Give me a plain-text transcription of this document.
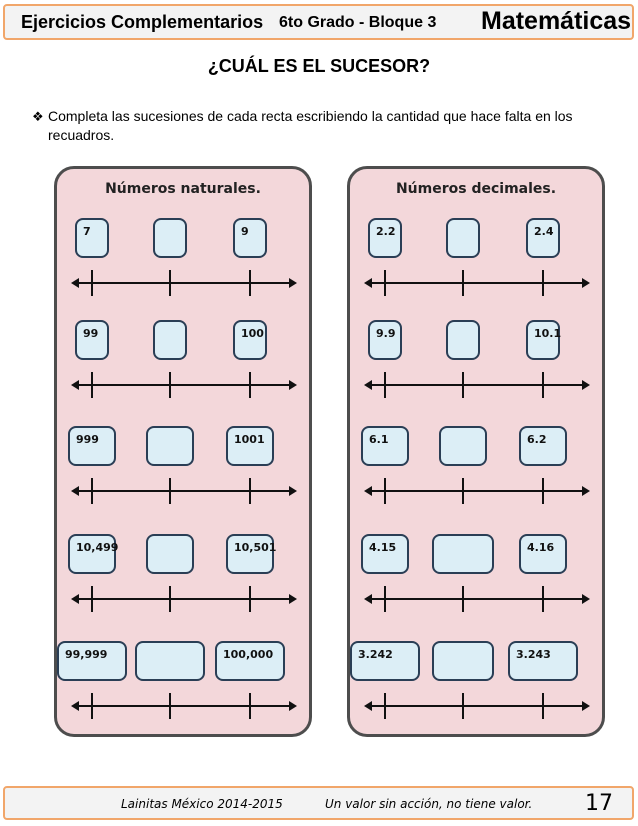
Ejercicios Complementarios 6to Grado - Bloque 3 Matemáticas
¿CUÁL ES EL SUCESOR?
❖ Completa las sucesiones de cada recta escribiendo la cantidad que hace falta en los recuadros.
Números naturales.
7	9
99	100
999	1001
10,499	10,501
99,999	100,000
Números decimales.
2.2	2.4
9.9	10.1
6.1	6.2
4.15	4.16
3.242	3.243
Lainitas México 2014-2015	Un valor sin acción, no tiene valor. 17
